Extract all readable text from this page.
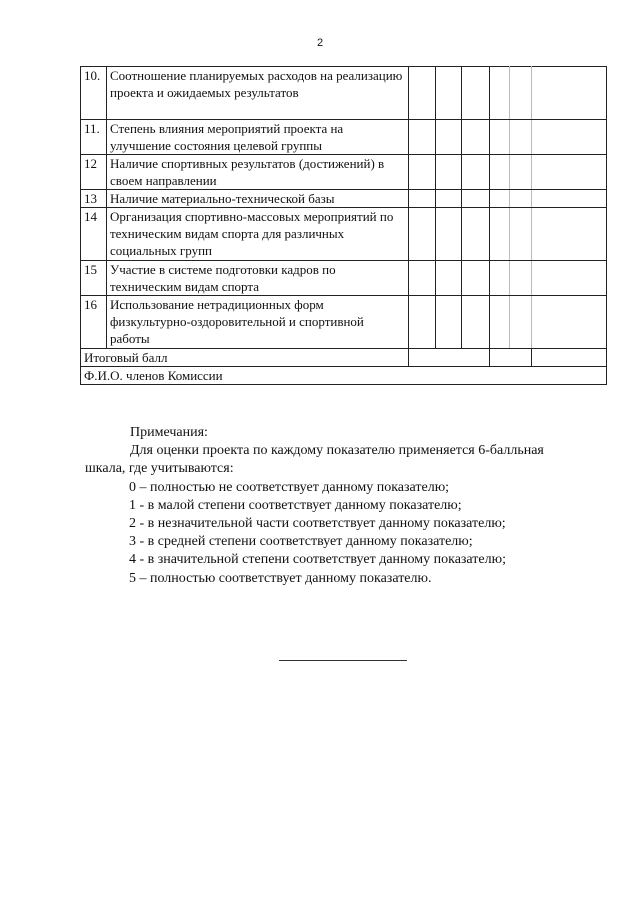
2
10.	Соотношение планируемых расходов на реализацию проекта и ожидаемых результатов						
11.	Степень влияния мероприятий проекта на улучшение состояния целевой группы						
12	Наличие спортивных результатов (достижений) в своем направлении						
13	Наличие материально-технической базы						
14	Организация спортивно-массовых мероприятий по техническим видам спорта для различных социальных групп						
15	Участие в системе подготовки кадров по техническим видам спорта						
16	Использование нетрадиционных форм физкультурно-оздоровительной и спортивной работы						
Итоговый балл							
Ф.И.О. членов Комиссии							

Примечания:

Для оценки проекта по каждому показателю применяется 6-балльная

шкала, где учитываются:

0 – полностью не соответствует данному показателю;

1 - в малой степени соответствует данному показателю;

2 - в незначительной части соответствует данному показателю;

3 - в средней степени соответствует данному показателю;

4 - в значительной степени соответствует данному показателю;

5 – полностью соответствует данному показателю.
